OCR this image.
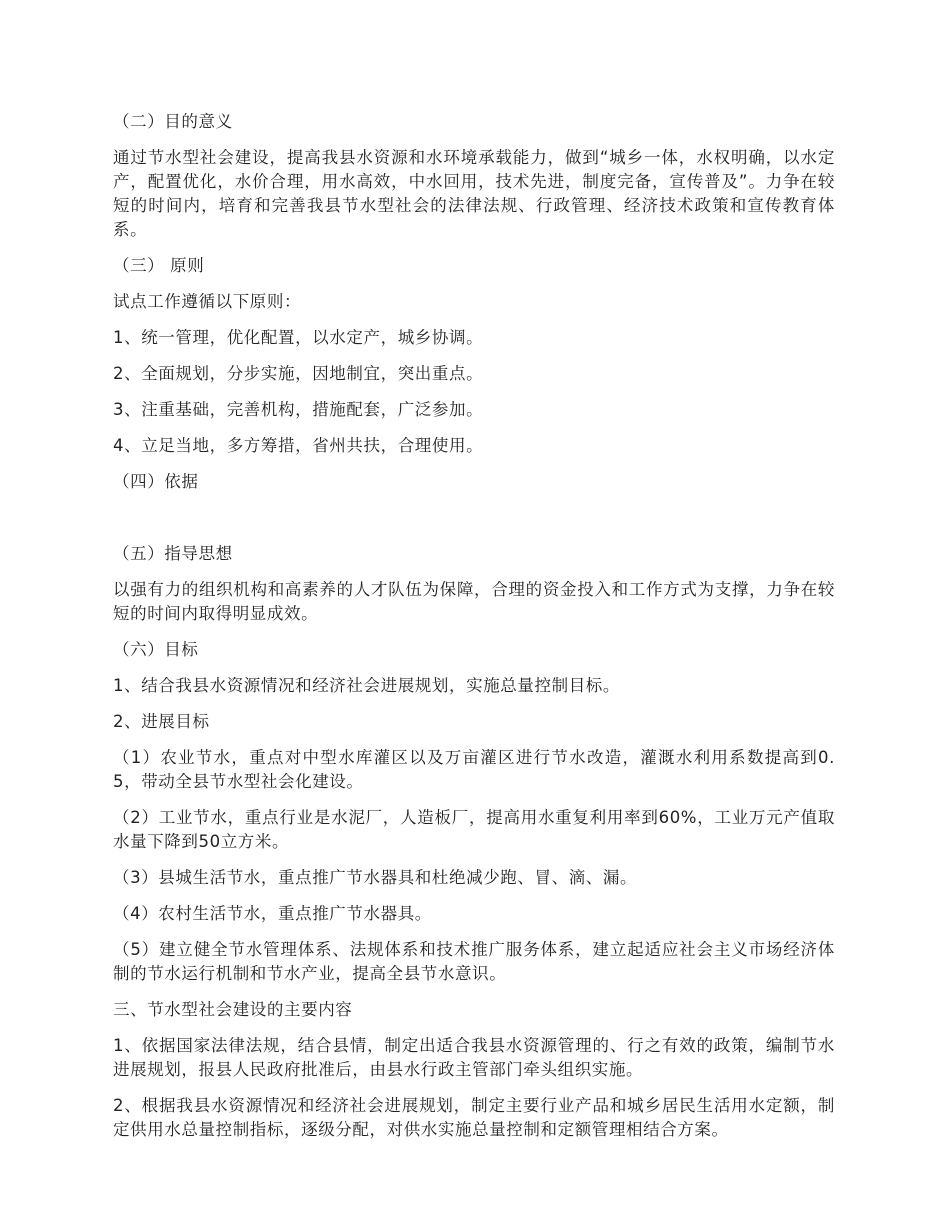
（二）目的意义

通过节水型社会建设，提高我县水资源和水环境承载能力，做到“城乡一体，水权明确，以水定产，配置优化，水价合理，用水高效，中水回用，技术先进，制度完备，宣传普及”。力争在较短的时间内，培育和完善我县节水型社会的法律法规、行政管理、经济技术政策和宣传教育体系。

（三） 原则

试点工作遵循以下原则：

1、统一管理，优化配置，以水定产，城乡协调。

2、全面规划，分步实施，因地制宜，突出重点。

3、注重基础，完善机构，措施配套，广泛参加。

4、立足当地，多方筹措，省州共扶，合理使用。

（四）依据

（五）指导思想

以强有力的组织机构和高素养的人才队伍为保障，合理的资金投入和工作方式为支撑，力争在较短的时间内取得明显成效。

（六）目标

1、结合我县水资源情况和经济社会进展规划，实施总量控制目标。

2、进展目标

（1）农业节水，重点对中型水库灌区以及万亩灌区进行节水改造，灌溉水利用系数提高到0.5，带动全县节水型社会化建设。

（2）工业节水，重点行业是水泥厂，人造板厂，提高用水重复利用率到60%，工业万元产值取水量下降到50立方米。

（3）县城生活节水，重点推广节水器具和杜绝减少跑、冒、滴、漏。

（4）农村生活节水，重点推广节水器具。

（5）建立健全节水管理体系、法规体系和技术推广服务体系，建立起适应社会主义市场经济体制的节水运行机制和节水产业，提高全县节水意识。

三、节水型社会建设的主要内容

1、依据国家法律法规，结合县情，制定出适合我县水资源管理的、行之有效的政策，编制节水进展规划，报县人民政府批准后，由县水行政主管部门牵头组织实施。

2、根据我县水资源情况和经济社会进展规划，制定主要行业产品和城乡居民生活用水定额，制定供用水总量控制指标，逐级分配，对供水实施总量控制和定额管理相结合方案。
